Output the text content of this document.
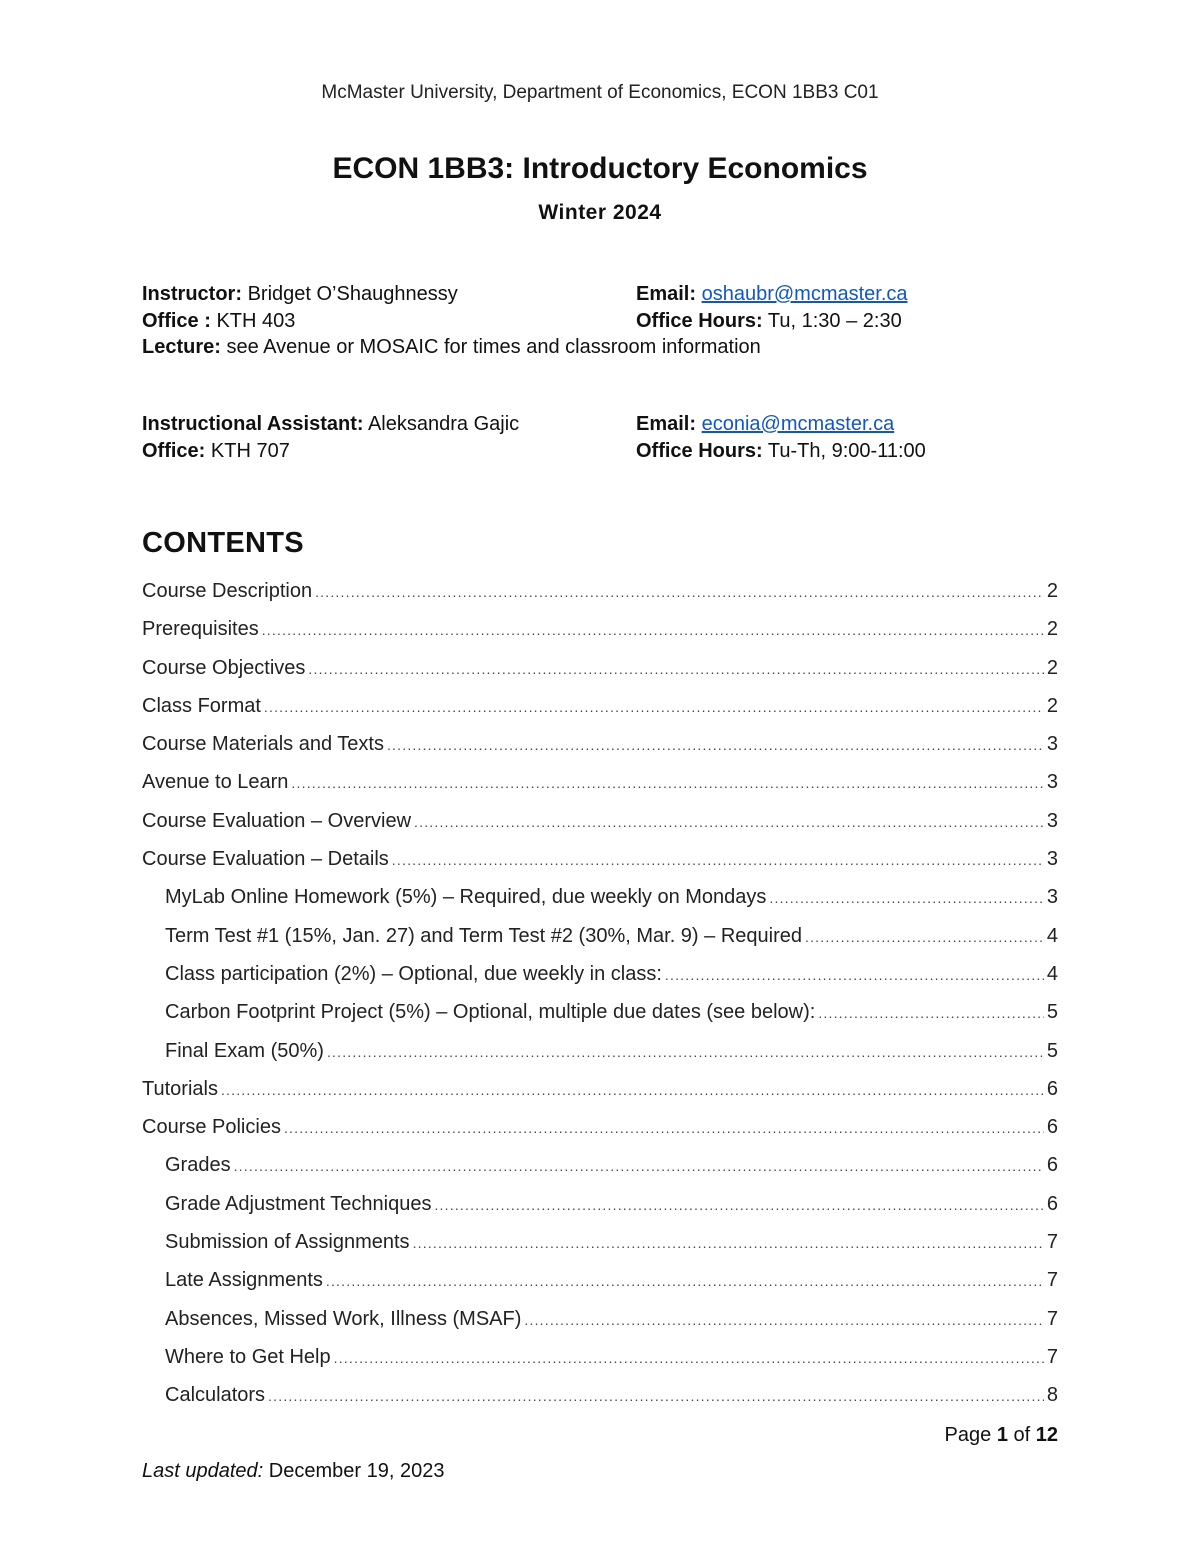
McMaster University, Department of Economics, ECON 1BB3 C01
ECON 1BB3: Introductory Economics
Winter 2024
Instructor: Bridget O’Shaughnessy	Email: oshaubr@mcmaster.ca
Office : KTH 403	Office Hours: Tu, 1:30 – 2:30
Lecture: see Avenue or MOSAIC for times and classroom information
Instructional Assistant: Aleksandra Gajic	Email: econia@mcmaster.ca
Office: KTH 707	Office Hours: Tu-Th, 9:00-11:00
CONTENTS
Course Description .....	2
Prerequisites .....	2
Course Objectives .....	2
Class Format .....	2
Course Materials and Texts .....	3
Avenue to Learn .....	3
Course Evaluation – Overview .....	3
Course Evaluation – Details .....	3
MyLab Online Homework (5%) – Required, due weekly on Mondays .....	3
Term Test #1 (15%, Jan. 27) and Term Test #2 (30%, Mar. 9) – Required .....	4
Class participation (2%) – Optional, due weekly in class: .....	4
Carbon Footprint Project (5%) – Optional, multiple due dates (see below): .....	5
Final Exam (50%) .....	5
Tutorials .....	6
Course Policies .....	6
Grades .....	6
Grade Adjustment Techniques .....	6
Submission of Assignments .....	7
Late Assignments .....	7
Absences, Missed Work, Illness (MSAF) .....	7
Where to Get Help .....	7
Calculators .....	8
Page 1 of 12
Last updated: December 19, 2023
